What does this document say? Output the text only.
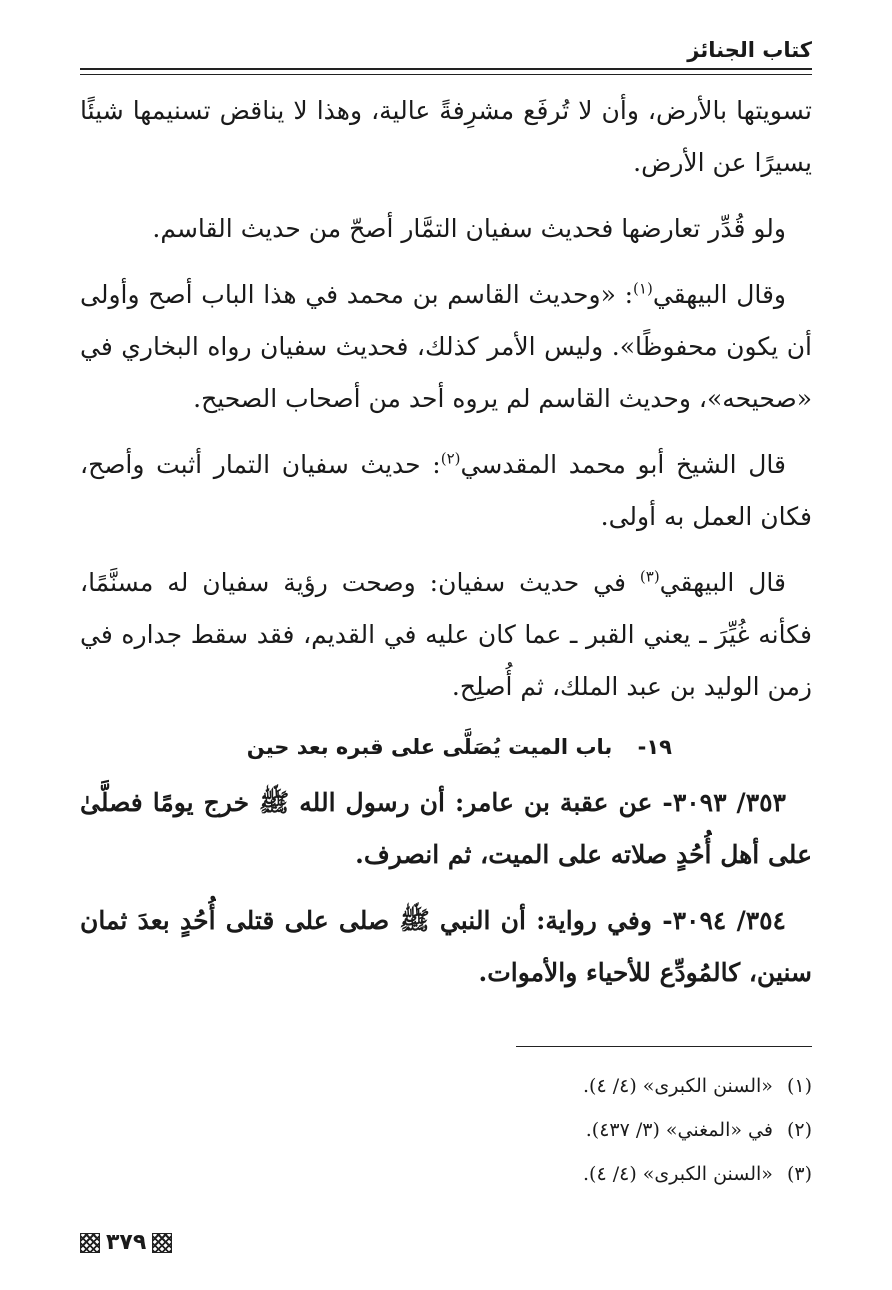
كتاب الجنائز

تسويتها بالأرض، وأن لا تُرفَع مشرِفةً عالية، وهذا لا يناقض تسنيمها شيئًا يسيرًا عن الأرض.

ولو قُدِّر تعارضها فحديث سفيان التمَّار أصحّ من حديث القاسم.

وقال البيهقي$^{(١)}$: «وحديث القاسم بن محمد في هذا الباب أصح وأولى أن يكون محفوظًا». وليس الأمر كذلك، فحديث سفيان رواه البخاري في «صحيحه»، وحديث القاسم لم يروه أحد من أصحاب الصحيح.

قال الشيخ أبو محمد المقدسي$^{(٢)}$: حديث سفيان التمار أثبت وأصح، فكان العمل به أولى.

قال البيهقي$^{(٣)}$ في حديث سفيان: وصحت رؤية سفيان له مسنَّمًا، فكأنه غُيِّرَ ـ يعني القبر ـ عما كان عليه في القديم، فقد سقط جداره في زمن الوليد بن عبد الملك، ثم أُصلِح.

١٩- باب الميت يُصَلَّى على قبره بعد حين

٣٥٣/ ٣٠٩٣- عن عقبة بن عامر: أن رسول الله ﷺ خرج يومًا فصلَّىٰ على أهل أُحُدٍ صلاته على الميت، ثم انصرف.

٣٥٤/ ٣٠٩٤- وفي رواية: أن النبي ﷺ صلى على قتلى أُحُدٍ بعدَ ثمان سنين، كالمُودِّع للأحياء والأموات.

(١)«السنن الكبرى» (٤/ ٤).
(٢)في «المغني» (٣/ ٤٣٧).
(٣)«السنن الكبرى» (٤/ ٤).
٣٧٩
